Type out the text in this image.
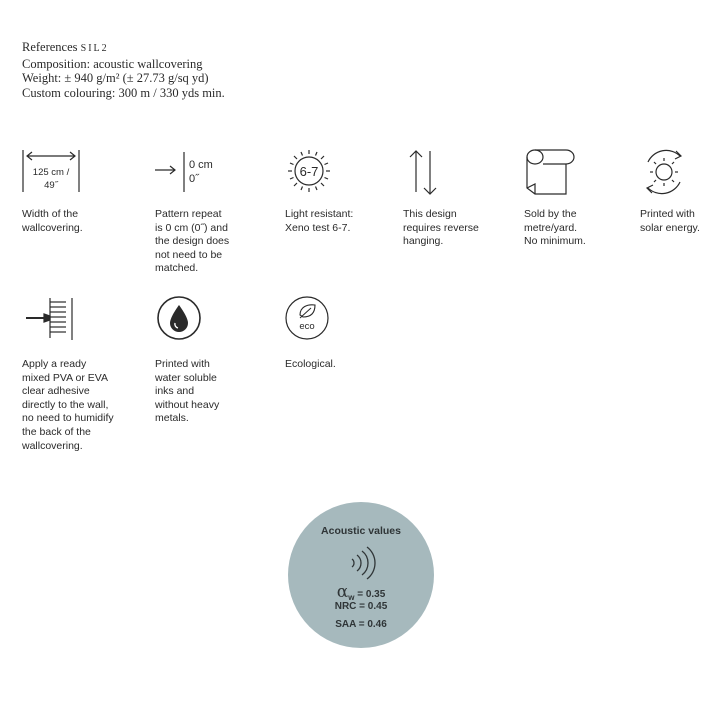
References SIL2
Composition: acoustic wallcovering
Weight: ± 940 g/m² (± 27.73 g/sq yd)
Custom colouring: 300 m / 330 yds min.
125 cm /
49˝
Width of the
wallcovering.
0 cm
0˝
Pattern repeat
is 0 cm (0˝) and
the design does
not need to be
matched.
6-7
Light resistant:
Xeno test 6-7.
This design
requires reverse
hanging.
Sold by the
metre/yard.
No minimum.
Printed with
solar energy.
Apply a ready
mixed PVA or EVA
clear adhesive
directly to the wall,
no need to humidify
the back of the
wallcovering.
Printed with
water soluble
inks and
without heavy
metals.
eco
Ecological.
Acoustic values
$\alpha_w = 0.35$
NRC = 0.45
SAA = 0.46
